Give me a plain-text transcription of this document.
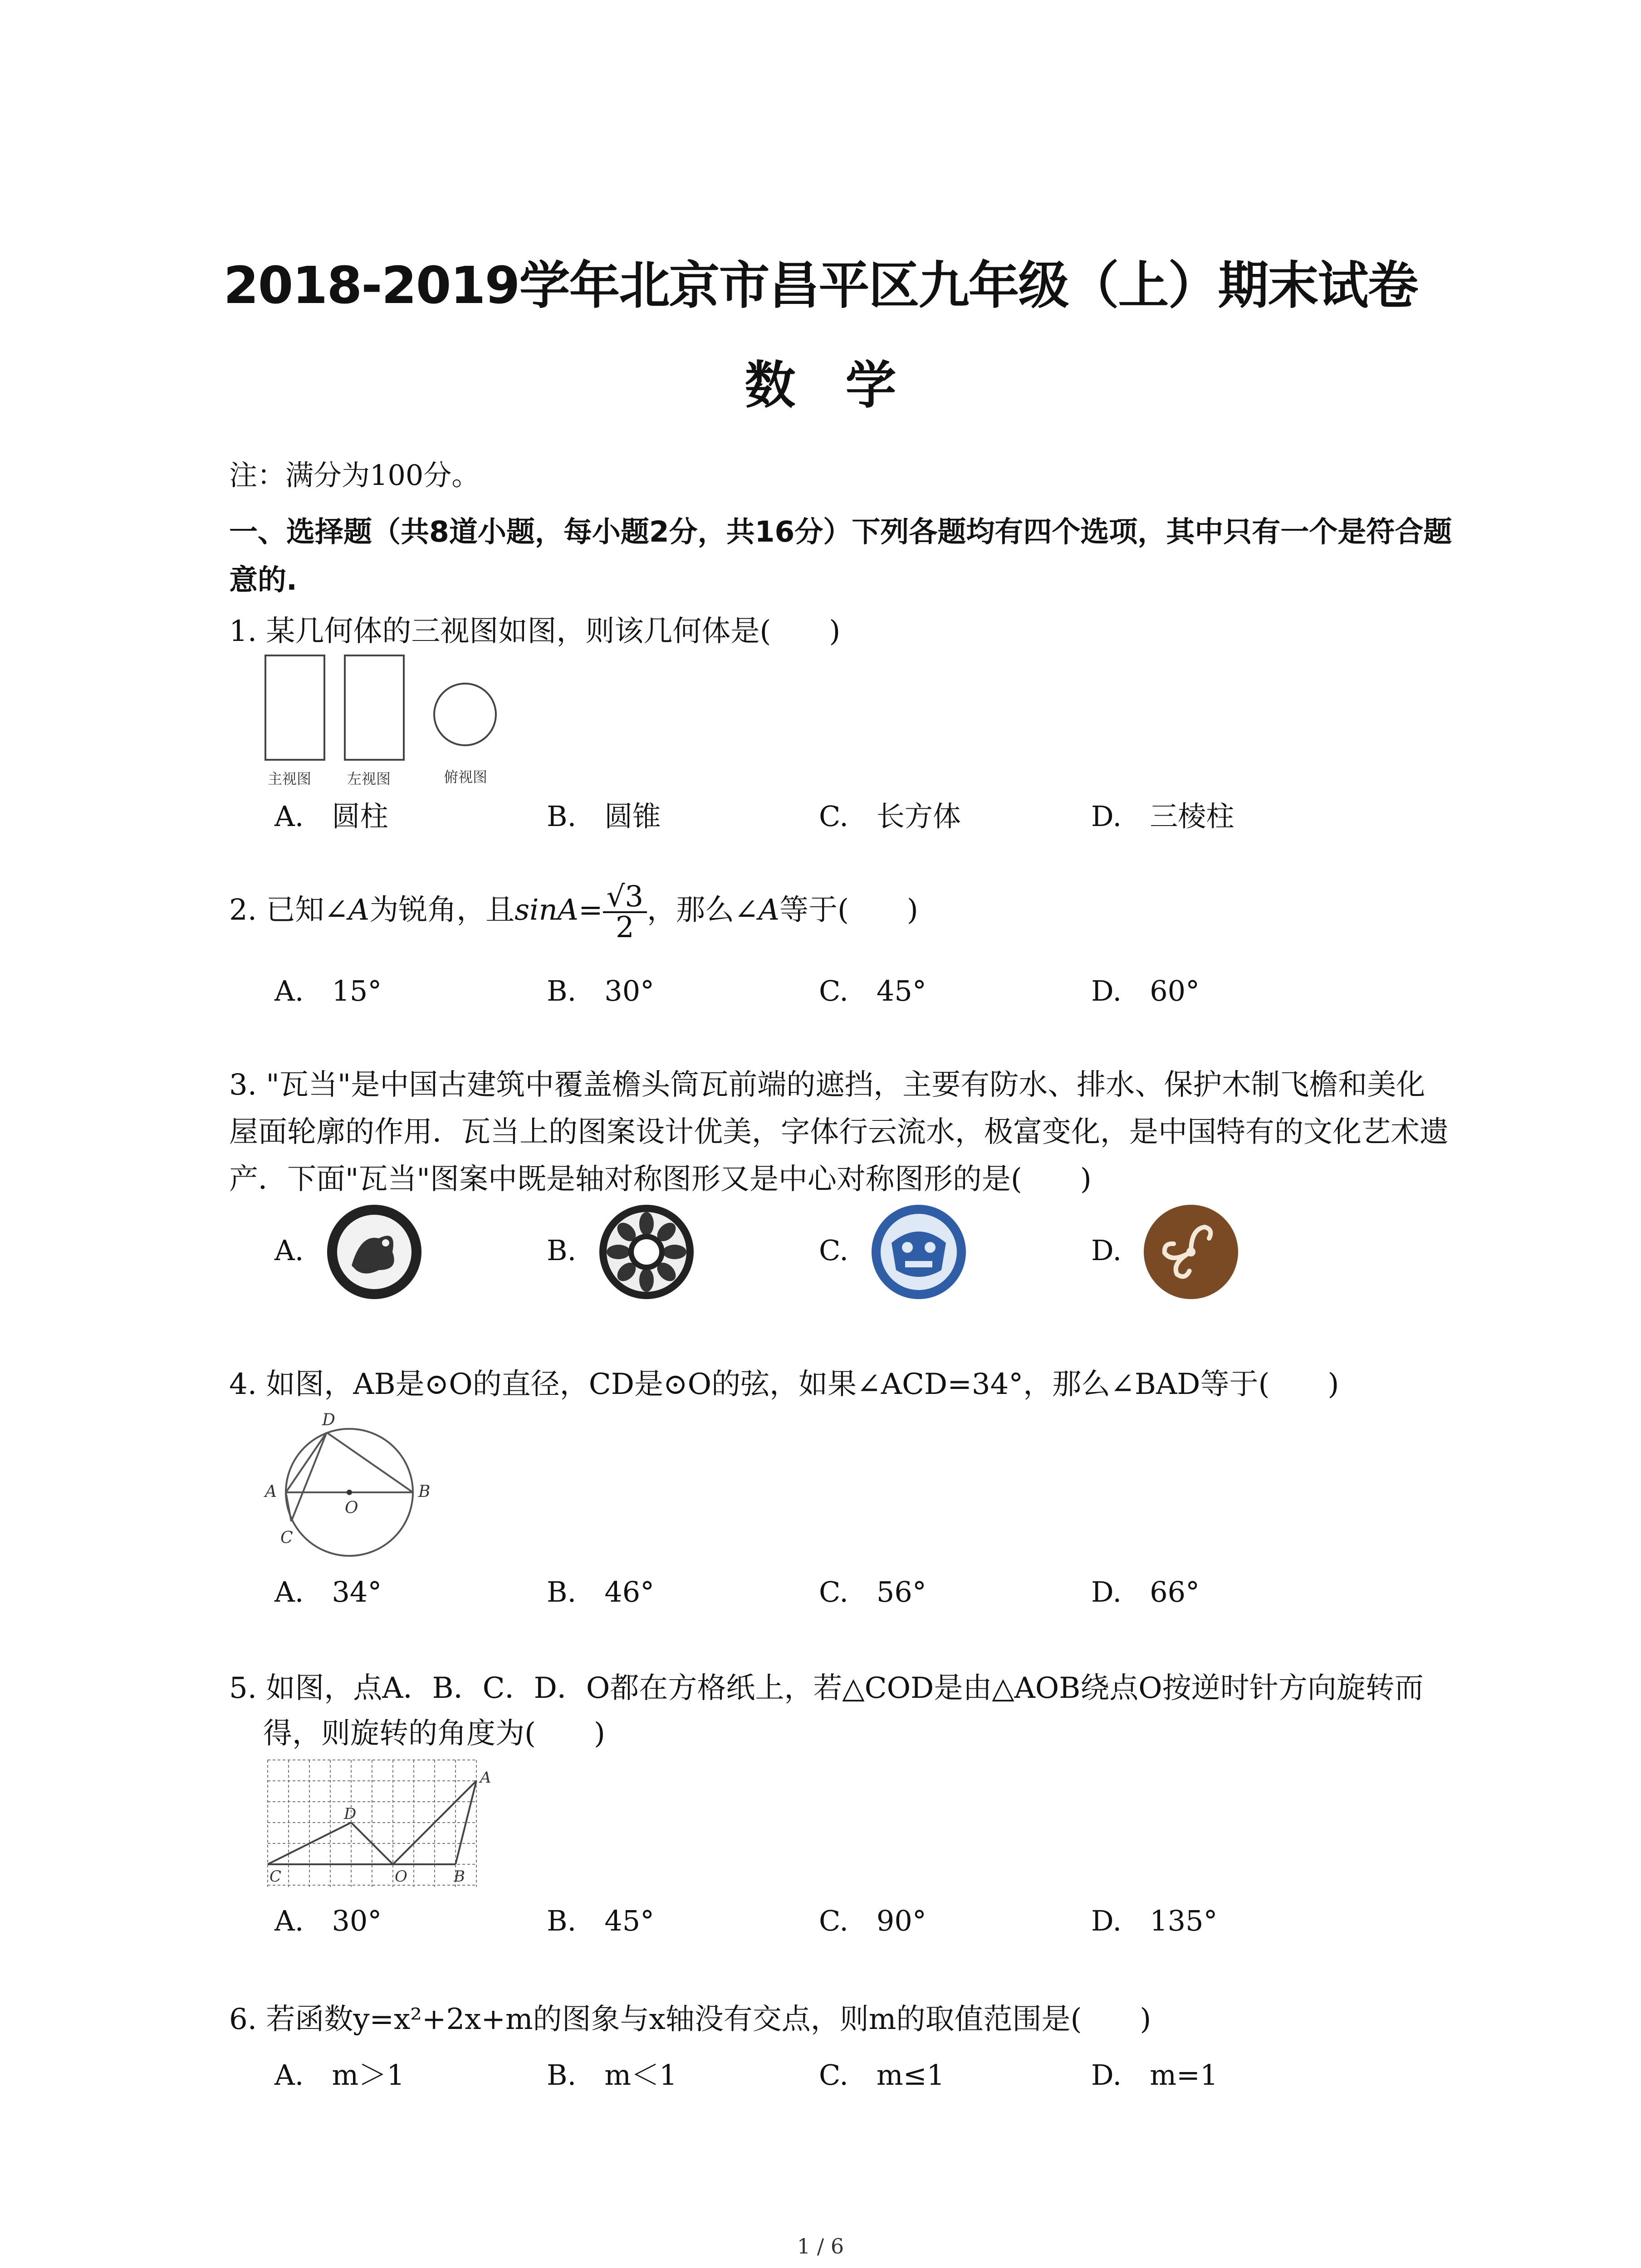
2018-2019学年北京市昌平区九年级（上）期末试卷
数学
注：满分为100分。
一、选择题（共8道小题，每小题2分，共16分）下列各题均有四个选项，其中只有一个是符合题意的.
1. 某几何体的三视图如图，则该几何体是(　　)
主视图 左视图	俯视图
A.　圆柱	B.　圆锥	C.　长方体	D.　三棱柱
2. 已知∠A为锐角，且$\sin A= \frac{√3}{2}$ ，那么∠A等于(　　)
A.　15°	B.　30°	C.　45°	D.　60°
3. "瓦当"是中国古建筑中覆盖檐头筒瓦前端的遮挡，主要有防水、排水、保护木制飞檐和美化屋面轮廓的作用．瓦当上的图案设计优美，字体行云流水，极富变化，是中国特有的文化艺术遗产．下面"瓦当"图案中既是轴对称图形又是中心对称图形的是(　　)
A.	B.	C.	D.
4. 如图，AB是⊙O的直径，CD是⊙O的弦，如果∠ACD=34°，那么∠BAD等于(　　)
D
A
O
B
C
A.　34°	B.　46°	C.　56°	D.　66°
5. 如图，点A．B．C．D．O都在方格纸上，若△COD是由△AOB绕点O按逆时针方向旋转而
得，则旋转的角度为(　　)
A
D
C	O	B
A.　30°	B.　45°	C.　90°	D.　135°
6. 若函数y=x²+2x+m的图象与x轴没有交点，则m的取值范围是(　　)
A.　m＞1	B.　m＜1	C.　m≤1	D.　m=1
1 / 6
